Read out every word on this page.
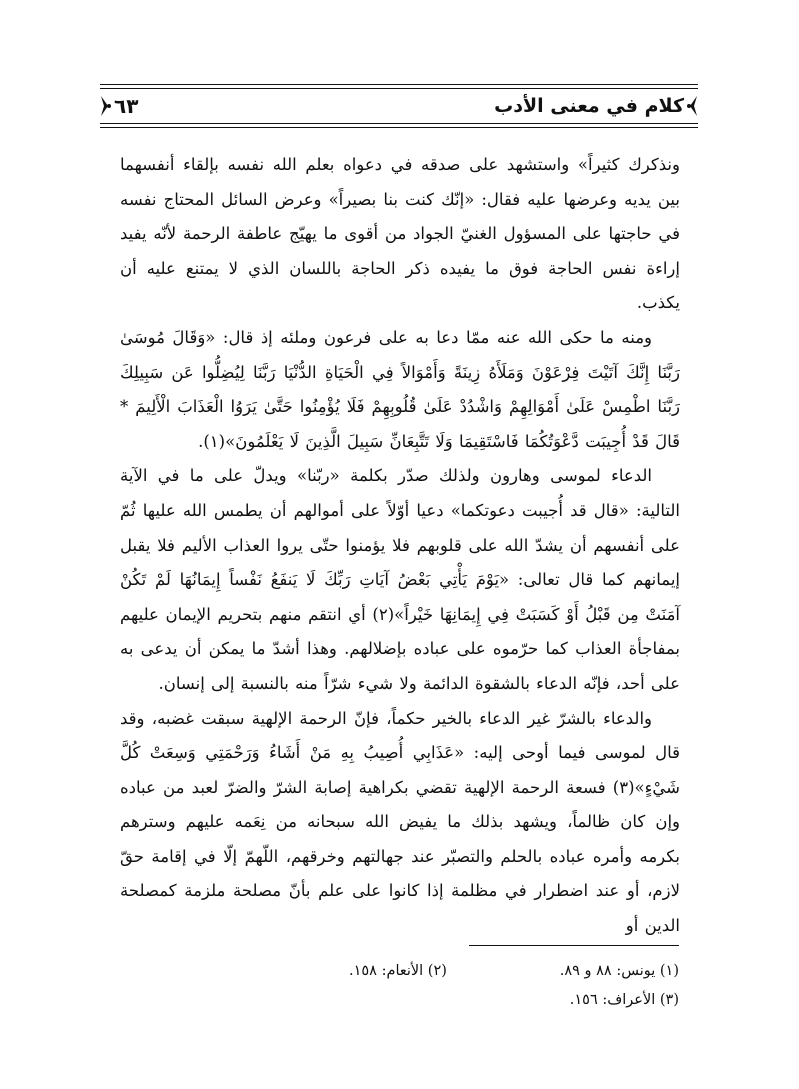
كلام في معنى الأدب
٦٣

ونذكرك كثيراً» واستشهد على صدقه في دعواه بعلم الله نفسه بإلقاء أنفسهما بين يديه وعرضها عليه فقال: «إنّك كنت بنا بصيراً» وعرض السائل المحتاج نفسه في حاجتها على المسؤول الغنيّ الجواد من أقوى ما يهيّج عاطفة الرحمة لأنّه يفيد إراءة نفس الحاجة فوق ما يفيده ذكر الحاجة باللسان الذي لا يمتنع عليه أن يكذب.

ومنه ما حكى الله عنه ممّا دعا به على فرعون وملئه إذ قال: «وَقَالَ مُوسَىٰ رَبَّنَا إِنَّكَ آتَيْتَ فِرْعَوْنَ وَمَلَأَهُ زِينَةً وَأَمْوَالاً فِي الْحَيَاةِ الدُّنْيَا رَبَّنَا لِيُضِلُّوا عَن سَبِيلِكَ رَبَّنَا اطْمِسْ عَلَىٰ أَمْوَالِهِمْ وَاشْدُدْ عَلَىٰ قُلُوبِهِمْ فَلَا يُؤْمِنُوا حَتَّىٰ يَرَوُا الْعَذَابَ الْأَلِيمَ * قَالَ قَدْ أُجِيبَت دَّعْوَتُكُمَا فَاسْتَقِيمَا وَلَا تَتَّبِعَانِّ سَبِيلَ الَّذِينَ لَا يَعْلَمُونَ»(١).

الدعاء لموسى وهارون ولذلك صدّر بكلمة «ربّنا» ويدلّ على ما في الآية التالية: «قال قد أُجيبت دعوتكما» دعيا أوّلاً على أموالهم أن يطمس الله عليها ثُمّ على أنفسهم أن يشدّ الله على قلوبهم فلا يؤمنوا حتّى يروا العذاب الأليم فلا يقبل إيمانهم كما قال تعالى: «يَوْمَ يَأْتِي بَعْضُ آيَاتِ رَبِّكَ لَا يَنفَعُ نَفْساً إِيمَانُهَا لَمْ تَكُنْ آمَنَتْ مِن قَبْلُ أَوْ كَسَبَتْ فِي إِيمَانِهَا خَيْراً»(٢) أي انتقم منهم بتحريم الإيمان عليهم بمفاجأة العذاب كما حرّموه على عباده بإضلالهم. وهذا أشدّ ما يمكن أن يدعى به على أحد، فإنّه الدعاء بالشقوة الدائمة ولا شيء شرّاً منه بالنسبة إلى إنسان.

والدعاء بالشرّ غير الدعاء بالخير حكماً، فإنّ الرحمة الإلهية سبقت غضبه، وقد قال لموسى فيما أوحى إليه: «عَذَابِي أُصِيبُ بِهِ مَنْ أَشَاءُ وَرَحْمَتِي وَسِعَتْ كُلَّ شَيْءٍ»(٣) فسعة الرحمة الإلهية تقضي بكراهية إصابة الشرّ والضرّ لعبد من عباده وإن كان ظالماً، ويشهد بذلك ما يفيض الله سبحانه من نِعَمه عليهم وسترهم بكرمه وأمره عباده بالحلم والتصبّر عند جهالتهم وخرقهم، اللّهمّ إلّا في إقامة حقّ لازم، أو عند اضطرار في مظلمة إذا كانوا على علم بأنّ مصلحة ملزمة كمصلحة الدين أو

(١) يونس: ٨٨ و ٨٩.
(٢) الأنعام: ١٥٨.
(٣) الأعراف: ١٥٦.
